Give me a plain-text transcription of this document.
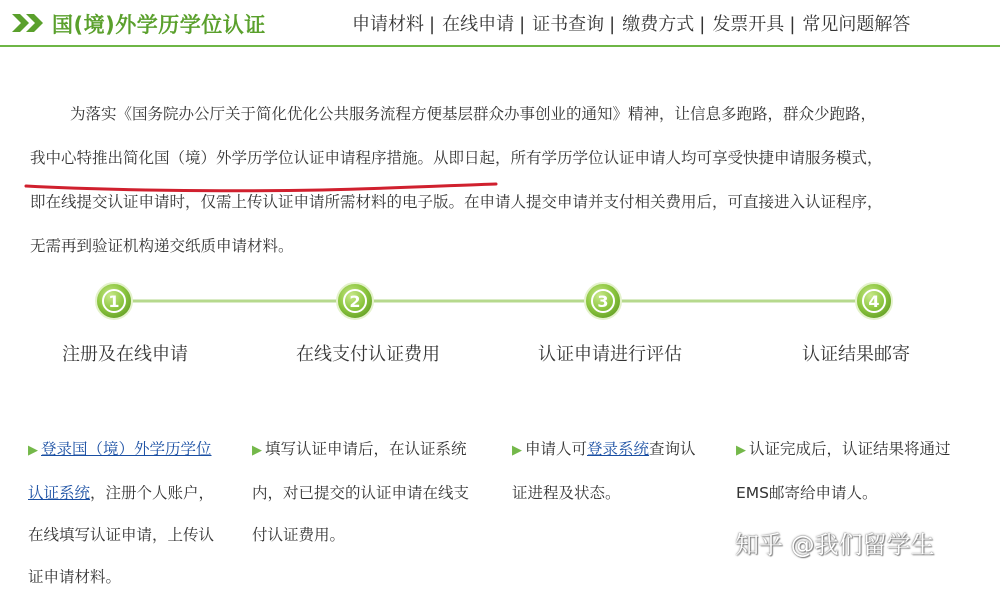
国(境)外学历学位认证	申请材料 | 在线申请 | 证书查询 | 缴费方式 | 发票开具 | 常见问题解答

为落实《国务院办公厅关于简化优化公共服务流程方便基层群众办事创业的通知》精神，让信息多跑路，群众少跑路，

我中心特推出简化国（境）外学历学位认证申请程序措施。从即日起，所有学历学位认证申请人均可享受快捷申请服务模式，

即在线提交认证申请时，仅需上传认证申请所需材料的电子版。在申请人提交申请并支付相关费用后，可直接进入认证程序，

无需再到验证机构递交纸质申请材料。

1	2	3	4
注册及在线申请	在线支付认证费用	认证申请进行评估	认证结果邮寄
▶ 登录国（境）外学历学位
认证系统，注册个人账户，
在线填写认证申请，上传认
证申请材料。
▶ 填写认证申请后，在认证系统
内，对已提交的认证申请在线支
付认证费用。
▶ 申请人可登录系统查询认
证进程及状态。
▶ 认证完成后，认证结果将通过
EMS邮寄给申请人。
知乎 @我们留学生
